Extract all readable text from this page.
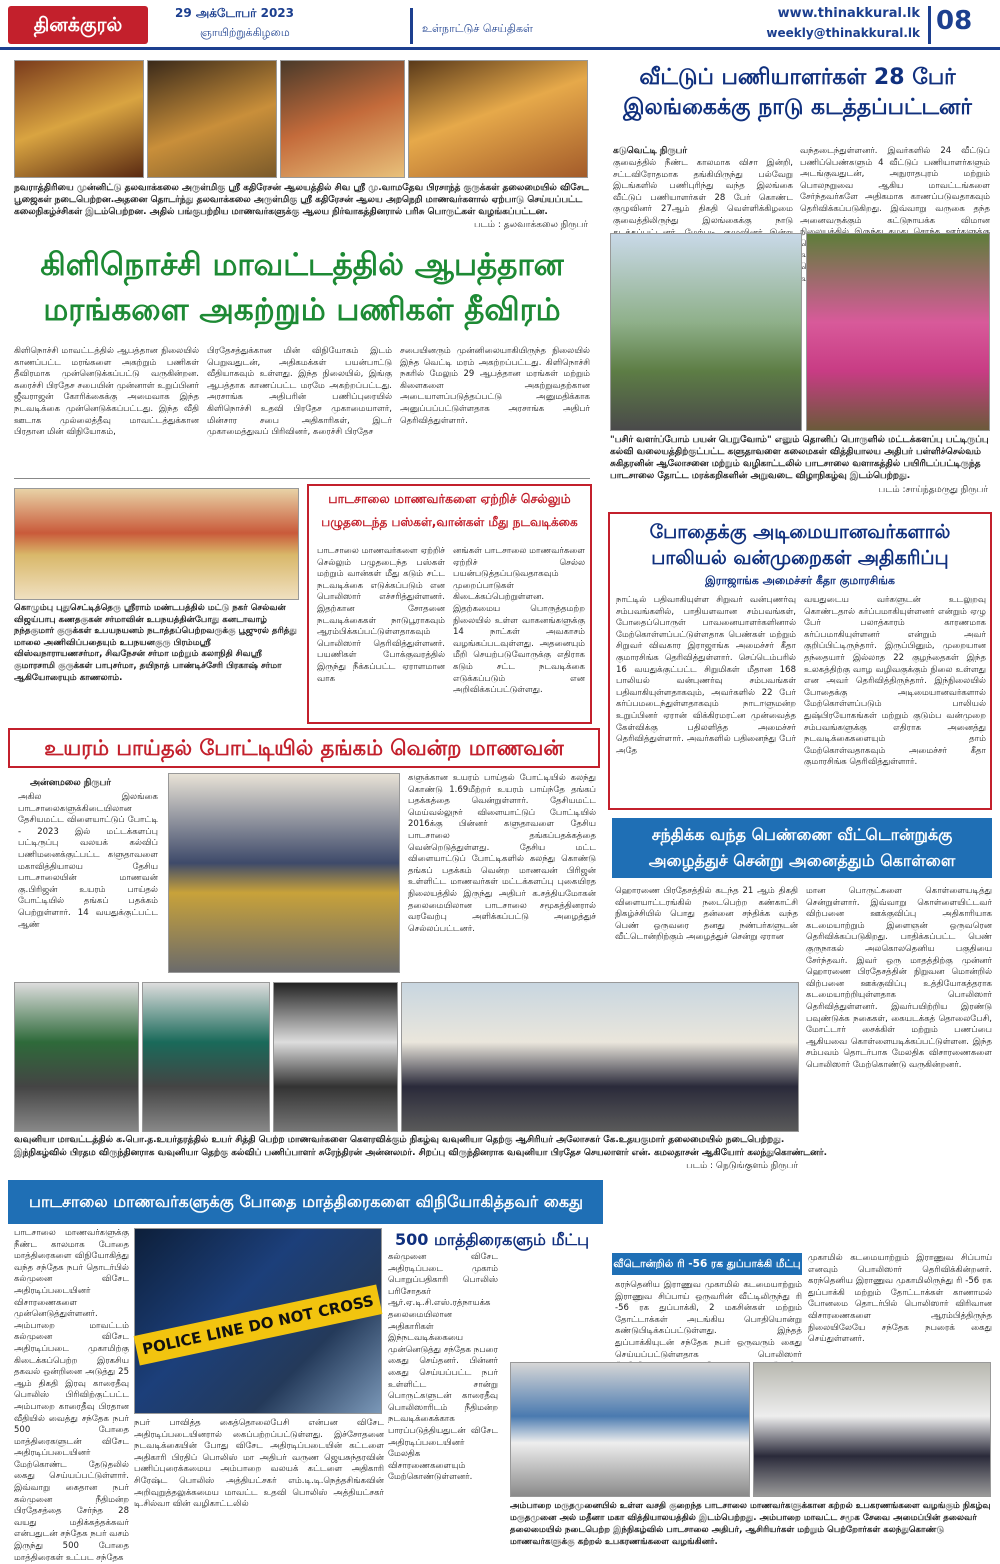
தினக்குரல்
29 அக்டோபர் 2023
ஞாயிற்றுக்கிழமை	உள்நாட்டுச் செய்திகள்
www.thinakkural.lk
weekly@thinakkural.lk 08
நவராத்திரியை முன்னிட்டு தலவாக்கலை அருள்மிகு ஸ்ரீ கதிரேசன் ஆலயத்தில் சிவ ஸ்ரீ மு.வாமதேவ பிரசாந்த் குருக்கள் தலைமையில் விசேட பூஜைகள் நடைபெற்றன.அதனை தொடர்ந்து தலவாக்கலை அருள்மிகு ஸ்ரீ கதிரேசன் ஆலய அறநெறி மாணவர்களால் ஏற்பாடு செய்யப்பட்ட கலைநிகழ்ச்சிகள் இடம்பெற்றன. அதில் பங்குபற்றிய மாணவர்களுக்கு ஆலய நிர்வாகத்தினரால் பரிசு பொருட்கள் வழங்கப்பட்டன.
படம் : தலவாக்கலை நிருபர்
கிளிநொச்சி மாவட்டத்தில் ஆபத்தான
மரங்களை அகற்றும் பணிகள் தீவிரம்
கிளிநொச்சி மாவட்டத்தில் ஆபத்தான நிலையில் காணப்பட்ட மரங்களை அகற்றும் பணிகள் தீவிரமாக முன்னெடுக்கப்பட்டு வருகின்றன. கரைச்சி பிரதேச சபையின் முன்னாள் உறுப்பினர் ஜீவராஜன் கோரிக்கைக்கு அமைவாக இந்த நடவடிக்கை முன்னெடுக்கப்பட்டது. இந்த வீதி ஊடாக முல்லைத்தீவு மாவட்டத்துக்கான பிரதான மின் விநியோகம்,
பிரதேசத்துக்கான மின் விநியோகம் இடம் பெறுவதுடன், அதிகமக்கள் பயன்பாட்டு வீதியாகவும் உள்ளது. இந்த நிலையில், இங்கு ஆபத்தாக காணப்பட்ட மரமே அகற்றப்பட்டது. அரசாங்க அதிபரின் பணிப்புரையில் கிளிநொச்சி உதவி பிரதேச முகாமையாளர், மின்சார சபை அதிகாரிகள், இடர் முகாமைத்துவப் பிரிவினர், கரைச்சி பிரதேச
சபையினரும் முன்னிலையாகியிருந்த நிலையில் இந்த வெட்டி மரம் அகற்றப்பட்டது. கிளிநொச்சி நகரில் மேலும் 29 ஆபத்தான மரங்கள் மற்றும் கிளைகளை அகற்றுவதற்கான அடையாளப்படுத்தப்பட்டு அனுமதிக்காக அனுப்பப்பட்டுள்ளதாக அரசாங்க அதிபர் தெரிவித்துள்ளார்.
வீட்டுப் பணியாளர்கள் 28 பேர்
இலங்கைக்கு நாடு கடத்தப்பட்டனர்
கடுவெட்டி நிருபர்
குவைத்தில் நீண்ட காலமாக விசா இன்றி, சட்டவிரோதமாக தங்கியிருந்து பல்வேறு இடங்களில் பணிபுரிந்து வந்த இலங்கை வீட்டுப் பணியாளர்கள் 28 பேர் கொண்ட குழுவினர் 27ஆம் திகதி வெள்ளிக்கிழமை குவைத்திலிருந்து இலங்கைக்கு நாடு
வந்தடைந்துள்ளனர். இவர்களில் 24 வீட்டுப் பணிப்பெண்களும் 4 வீட்டுப் பணியாளர்களும் அடங்குவதுடன், அநுராதபுரம் மற்றும் பொலநறுவை ஆகிய மாவட்டங்களை சேர்ந்தவர்களே அதிகமாக காணப்படுவதாகவும் தெரிவிக்கப்படுகிறது. இவ்வாறு வருகை தந்த அனைவருக்கும் கட்டுநாயக்க விமான
"பசிர் வளர்ப்போம் பயன் பெறுவோம்" எனும் தொனிப் பொருளில் மட்டக்களப்பு பட்டிருப்பு கல்வி வலையத்திற்குட்பட்ட களுதாவளை கலைமகள் வித்தியாலய அதிபர் பள்ளிச்செல்வம் சுகிதரனின் ஆலோசனை மற்றும் வழிகாட்டலில் பாடசாலை வளாகத்தில் பயிரிடப்பட்டிருந்த பாடசாலை தோட்ட மரக்கறிகளின் அறுவடை விழாநிகழ்வு இடம்பெற்றது.
படம் :சாய்ந்தமருது நிருபர்
கொழும்பு புதுசெட்டித்தெரு ஸ்ரீராம் மண்டபத்தில் மட்டு நகர் செல்வன் விஜய்பாபு கணதகுகன் சர்மாவின் உபநயத்தின்போது கனடாவாழ் நந்தகுமார் குருக்கள் உபயநயனம் நடாத்தப்பெற்றவருக்கு பூஜுரல் தரித்து மாலை அணிவிப்பதையும் உபநயனகுரு பிரம்மஸ்ரீ விஸ்வநாராயணசர்மா, சிவநேசன் சர்மா மற்றும் கலாநிதி சிவஸ்ரீ குமாரசாமி குருக்கள் பாபுசர்மா, தயிநாத் பாண்டிச்சேரி பிரகாஷ் சர்மா ஆகியோரையும் காணலாம்.
பாடசாலை மாணவர்களை ஏற்றிச் செல்லும்
பழுதடைந்த பஸ்கள்,வான்கள் மீது நடவடிக்கை
பாடசாலை மாணவர்களை ஏற்றிச் செல்லும் பழுதடைந்த பஸ்கள் மற்றும் வான்கள் மீது கடும் சட்ட நடவடிக்கை எடுக்கப்படும் என பொலிஸார் எச்சரித்துள்ளனர். இதற்கான சோதனை நடவடிக்கைகள் நாடுபூராகவும் ஆரம்பிக்கப்பட்டுள்ளதாகவும் பொலிஸார் தெரிவித்துள்ளனர். பயணிகள் போக்குவரத்தில் இருந்து நீக்கப்பட்ட ஏராளமான வாக
னங்கள் பாடசாலை மாணவர்களை ஏற்றிச் செல்ல பயன்படுத்தப்படுவதாகவும் முறைப்பாடுகள் கிடைக்கப்பெற்றுள்ளன. இதற்கமைய பொருத்தமற்ற நிலையில் உள்ள வாகனங்களுக்கு 14 நாட்கள் அவகாசம் வழங்கப்படவுள்ளது. அதனையும் மீறி செயற்படுவோருக்கு எதிராக கடும் சட்ட நடவடிக்கை எடுக்கப்படும் என அறிவிக்கப்பட்டுள்ளது.
போதைக்கு அடிமையானவர்களால்
பாலியல் வன்முறைகள் அதிகரிப்பு
இராஜாங்க அமைச்சர் கீதா குமாரசிங்க
நாட்டில் பதிவாகியுள்ள சிறுவர் வன்புணர்வு சம்பவங்களில், பாதியளவான சம்பவங்கள், போதைப்பொருள் பாவனையாளர்களினால் மேற்கொள்ளப்பட்டுள்ளதாக பெண்கள் மற்றும் சிறுவர் விவகார இராஜாங்க அமைச்சர் கீதா குமாரசிங்க தெரிவித்துள்ளார். செப்டெம்பரில் 16 வயதுக்குட்பட்ட சிறுமிகள் மீதான 168 பாலியல் வன்புணர்வு சம்பவங்கள் பதிவாகியுள்ளதாகவும், அவர்களில் 22 பேர் கர்ப்பமடைந்துள்ளதாகவும் நாடாளுமன்ற உறுப்பினர் ஏரான் விக்கிரமரட்ன முன்வைத்த கேள்விக்கு பதிலளித்த அமைச்சர் தெரிவித்துள்ளார். அவர்களில் பதினைந்து பேர் அதே
வயதுடைய வர்களுடன் உடலுறவு கொண்டதால் கர்ப்பமாகியுள்ளனர் என்றும் ஏழு பேர் பலாத்காரம் காரணமாக கர்ப்பமாகியுள்ளனர் என்றும் அவர் குறிப்பிட்டிருந்தார். இருப்பினும், முறையான தந்தையார் இல்லாத 22 குழந்தைகள் இந்த உலகத்திற்கு வாழ வழிவகுக்கும் நிலை உள்ளது என அவர் தெரிவித்திருந்தார். இந்நிலையில் போதைக்கு அடிமையானவர்களால் மேற்கொள்ளப்படும் பாலியல் துஷ்பிரயோகங்கள் மற்றும் குடும்ப வன்முறை சம்பவங்களுக்கு எதிராக அனைத்து நடவடிக்கைகளையும் தாம் மேற்கொள்வதாகவும் அமைச்சர் கீதா குமாரசிங்க தெரிவித்துள்ளார்.
உயரம் பாய்தல் போட்டியில் தங்கம் வென்ற மாணவன்
அன்னமலை நிருபர்
அகில இலங்கை பாடசாலைகளுக்கிடையிலான தேசியமட்ட விளையாட்டுப் போட்டி - 2023 இல் மட்டக்களப்பு பட்டிருப்பு வலயக் கல்விப் பணிமனைக்குட்பட்ட களுதாவளை மகாவித்தியாலய தேசிய பாடசாலையின் மாணவன் கு.பிரிஜன் உயரம் பாய்தல் போட்டியில் தங்கப் பதக்கம் பெற்றுள்ளார். 14 வயதுக்குட்பட்ட ஆண்
களுக்கான உயரம் பாய்தல் போட்டியில் கலந்து கொண்டு 1.69மீற்றர் உயரம் பாய்ந்தே தங்கப் பதக்கத்தை வென்றுள்ளார். தேசியமட்ட மெய்வல்லுநர் விளையாட்டுப் போட்டியில் 2016க்கு பின்னர் களுதாவளை தேசிய பாடசாலை தங்கப்பதக்கத்தை வென்றெடுத்துள்ளது. தேசிய மட்ட விளையாட்டுப் போட்டிகளில் கலந்து கொண்டு தங்கப் பதக்கம் வென்ற மாணவன் பிரிஜன் உள்ளிட்ட மாணவர்கள் மட்டக்களப்பு புகையிரத நிலையத்தில் இருந்து அதிபர் க.சத்தியமோகன் தலைமையிலான பாடசாலை சமூகத்தினரால் வரவேற்பு அளிக்கப்பட்டு அழைத்துச் செல்லப்பட்டனர்.
சந்திக்க வந்த பெண்ணை வீட்டொன்றுக்கு
அழைத்துச் சென்று அனைத்தும் கொள்ளை
ஹொரணை பிரதேசத்தில் கடந்த 21 ஆம் திகதி விளையாட்டரங்கில் நடைபெற்ற கண்காட்சி நிகழ்ச்சியில் பொது தன்னை சந்திக்க வந்த பெண் ஒருவரை தனது நண்பர்களுடன் வீட்டொன்றிற்கும் அழைத்துச் சென்று ஏரான
மான பொருட்களை கொள்ளையடித்து சென்றுள்ளார். இவ்வாறு கொள்ளையிட்டவர் விற்பனை ஊக்குவிப்பு அதிகாரியாக கடமையாற்றும் இளைஞன் ஒருவரென தெரிவிக்கப்படுகிறது. பாதிக்கப்பட்ட பெண் குருநாகல் அலகொலதெனிய பகுதியை சேர்ந்தவர். இவர் ஒரு மாதத்திற்கு முன்னர் ஹொரணை பிரதேசத்தின் நிறுவன மொன்றில் விற்பனை ஊக்குவிப்பு உத்தியோகத்தராக கடமையாற்றியுள்ளதாக பொலிஸார் தெரிவித்துள்ளனர். இவர்பயிற்றிய இரண்டு பவுண்டுக்க நகைகள், கையடக்கத் தொலைபேசி, மோட்டார் சைக்கிள் மற்றும் பணப்பை ஆகியவை கொள்ளையடிக்கப்பட்டுள்ளன. இந்த சம்பவம் தொடர்பாக மேலதிக விசாரணைகளை பொலிஸார் மேற்கொண்டு வருகின்றனர்.
வவுனியா மாவட்டத்தில் க.பொ.த.உயர்தரத்தில் உயர் சித்தி பெற்ற மாணவர்களை கௌரவிக்கும் நிகழ்வு வவுனியா தெற்கு ஆசிரியர் அலோசகர் கே.உதயகுமார் தலைமையில் நடைபெற்றது.
இந்நிகழ்வில் பிரதம விருந்தினராக வவுனியா தெற்கு கல்விப் பணிப்பாளர் சுரேந்திரன் அன்னலமர். சிறப்பு விருந்தினராக வவுனியா பிரதேச செயலாளர் என். கமலதாசன் ஆகியோர் கலந்துகொண்டனர்.
படம் : நெடுங்குளம் நிருபர்
பாடசாலை மாணவர்களுக்கு போதை மாத்திரைகளை விநியோகித்தவர் கைது
500 மாத்திரைகளும் மீட்பு
POLICE LINE DO NOT CROSS
பாடசாலை மாணவர்களுக்கு நீண்ட காலமாக போதை மாத்திரைகளை விநியோகித்து வந்த சந்தேக நபர் தொடர்பில் கல்முனை விசேட அதிரடிப்படையினர் விசாரணைகளை முன்னெடுத்துள்ளனர். அம்பாறை மாவட்டம் கல்முனை விசேட அதிரடிப்படை முகாமிற்கு கிடைக்கப்பெற்ற இரகசிய தகவல் ஒன்றினை அடுத்து 25 ஆம் திகதி இரவு காரைதீவு பொலிஸ் பிரிவிற்குட்பட்ட அம்பாறை காரைதீவு பிரதான வீதியில் வைத்து சந்தேக நபர் 500 போதை மாத்திரைகளுடன் விசேட அதிரடிப்படையினர் மேற்கொண்ட தேடுதலில் கைது செய்யப்பட்டுள்ளார். இவ்வாறு கைதான நபர் கல்முனை நீதிமன்ற பிரதேசத்தை சேர்ந்த 28 வயது மதிக்கத்தக்கவர் என்பதுடன் சந்தேக நபர் வசம் இருந்து 500 போதை மாத்திரைகள் உட்பட சந்தேக
கல்முனை விசேட அதிரடிப்படை முகாம் பொறுப்பதிகாரி பொலிஸ் பரிசோதகர் ஆர்.ஏ.டி.சி.எஸ்.ரத்நாயக்க தலைமையிலான அதிகாரிகள் இந்நடவடிக்கையை முன்னெடுத்து சந்தேக நபரை கைது செய்தனர். பின்னர் கைது செய்யப்பட்ட நபர் உள்ளிட்ட சான்று பொருட்களுடன் காரைதீவு பொலிஸாரிடம் நீதிமன்ற நடவடிக்கைக்காக பாரப்படுத்தியதுடன் விசேட அதிரடிப்படையினர் மேலதிக விசாரணைகளையும் மேற்கொண்டுள்ளனர்.
நபர் பாவித்த கைத்தொலைபேசி என்பன விசேட அதிரடிப்படையினரால் கைப்பற்றப்பட்டுள்ளது. இச்சோதனை நடவடிக்கையின் போது விசேட அதிரடிப்படையின் கட்டளை அதிகாரி பிரதிப் பொலிஸ் மா அதிபர் வருண ஜெயசுந்தரவின் பணிப்புரைக்கமைய அம்பாறை வலயக் கட்டளை அதிகாரி சிரேஷ்ட பொலிஸ் அத்தியட்சகர் எம்.டி.டி.நெத்தசிங்கவின் அறிவுறுத்தலுக்கமைய மாவட்ட உதவி பொலிஸ் அத்தியட்சகர் டி.சில்வா வின் வழிகாட்டலில்
வீடொன்றில் ரி -56 ரக துப்பாக்கி மீட்பு
கரந்தெனிய இராணுவ முகாமில் கடமையாற்றும் இராணுவ சிப்பாய் ஒருவரின் வீட்டிலிருந்து ரி -56 ரக துப்பாக்கி, 2 மகசின்கள் மற்றும் தோட்டாக்கள் அடங்கிய பொதியொன்று கண்டுபிடிக்கப்பட்டுள்ளது. இந்தத் துப்பாக்கியுடன் சந்தேக நபர் ஒருவரும் கைது செய்யப்பட்டுள்ளதாக பொலிஸார்
முகாமில் கடமையாற்றும் இராணுவ சிப்பாய் எனவும் பொலிஸார் தெரிவிக்கின்றனர். கரந்தெனிய இராணுவ முகாமிலிருந்து ரி -56 ரக துப்பாக்கி மற்றும் தோட்டாக்கள் காணாமல் போனமை தொடர்பில் பொலிஸார் விரிவான விசாரணைகளை ஆரம்பித்திருந்த நிலையிலேயே சந்தேக நபரைக் கைது செய்துள்ளனர்.
அம்பாறை மருதமுனையில் உள்ள வசதி குறைந்த பாடசாலை மாணவர்களுக்கான கற்றல் உபகரணங்களை வழங்கும் நிகழ்வு மருதமுனை அல் மதீனா மகா வித்தியாலயத்தில் இடம்பெற்றது. அம்பாறை மாவட்ட சமூக சேவை அமைப்பின் தலைவர் தலைமையில் நடைபெற்ற இந்நிகழ்வில் பாடசாலை அதிபர், ஆசிரியர்கள் மற்றும் பெற்றோர்கள் கலந்துகொண்டு மாணவர்களுக்கு கற்றல் உபகரணங்களை வழங்கினர்.
